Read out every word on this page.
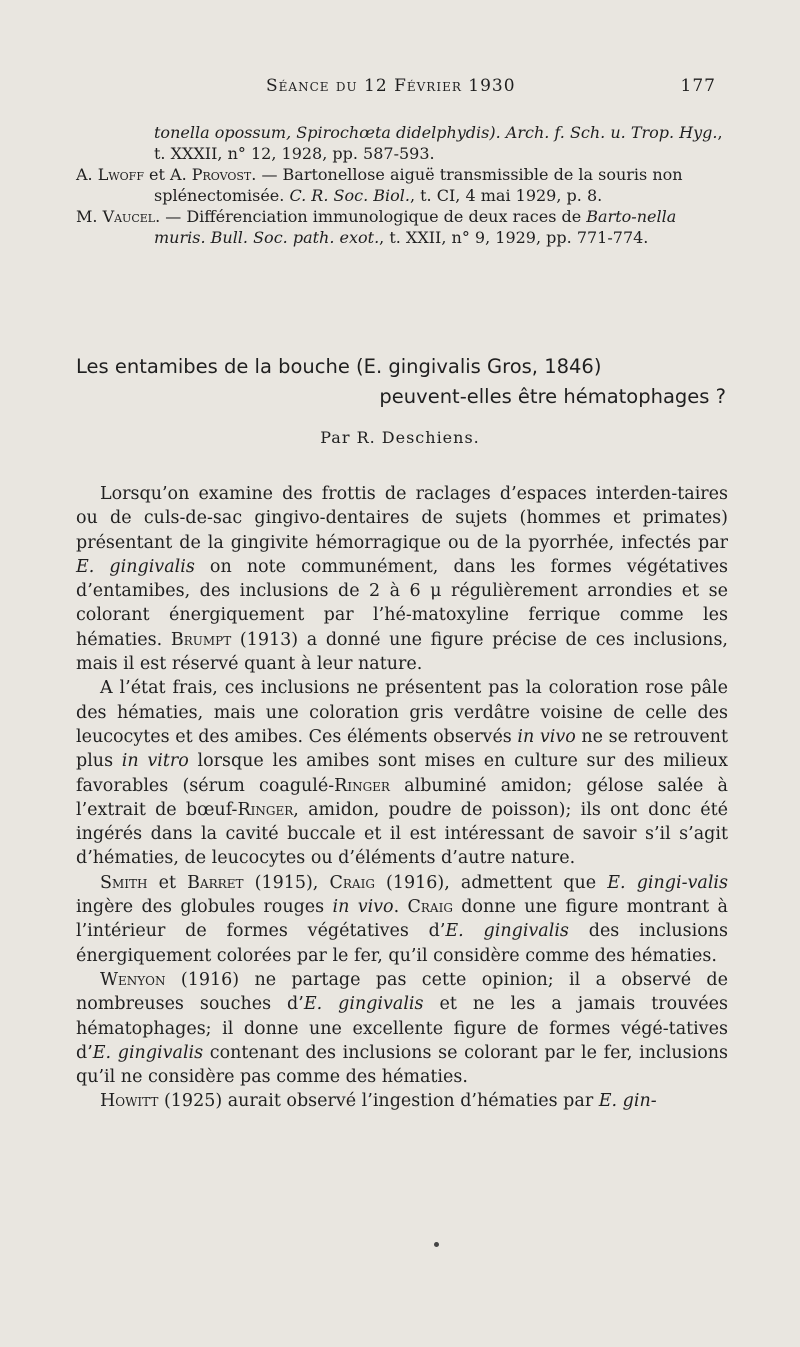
Séance du 12 Février 1930	177

tonella opossum, Spirochœta didelphydis). Arch. f. Sch. u. Trop. Hyg., t. XXXII, n° 12, 1928, pp. 587-593.

A. Lwoff et A. Provost. — Bartonellose aiguë transmissible de la souris non splénectomisée. C. R. Soc. Biol., t. CI, 4 mai 1929, p. 8.

M. Vaucel. — Différenciation immunologique de deux races de Barto-nella muris. Bull. Soc. path. exot., t. XXII, n° 9, 1929, pp. 771-774.

Les entamibes de la bouche (E. gingivalis Gros, 1846)
peuvent-elles être hématophages ?
Par R. Deschiens.

Lorsqu’on examine des frottis de raclages d’espaces interden-taires ou de culs-de-sac gingivo-dentaires de sujets (hommes et primates) présentant de la gingivite hémorragique ou de la pyorrhée, infectés par E. gingivalis on note communément, dans les formes végétatives d’entamibes, des inclusions de 2 à 6 μ régulièrement arrondies et se colorant énergiquement par l’hé-matoxyline ferrique comme les hématies. Brumpt (1913) a donné une figure précise de ces inclusions, mais il est réservé quant à leur nature.

A l’état frais, ces inclusions ne présentent pas la coloration rose pâle des hématies, mais une coloration gris verdâtre voisine de celle des leucocytes et des amibes. Ces éléments observés in vivo ne se retrouvent plus in vitro lorsque les amibes sont mises en culture sur des milieux favorables (sérum coagulé-Ringer albuminé amidon; gélose salée à l’extrait de bœuf-Ringer, amidon, poudre de poisson); ils ont donc été ingérés dans la cavité buccale et il est intéressant de savoir s’il s’agit d’hématies, de leucocytes ou d’éléments d’autre nature.

Smith et Barret (1915), Craig (1916), admettent que E. gingi-valis ingère des globules rouges in vivo. Craig donne une figure montrant à l’intérieur de formes végétatives d’E. gingivalis des inclusions énergiquement colorées par le fer, qu’il considère comme des hématies.

Wenyon (1916) ne partage pas cette opinion; il a observé de nombreuses souches d’E. gingivalis et ne les a jamais trouvées hématophages; il donne une excellente figure de formes végé-tatives d’E. gingivalis contenant des inclusions se colorant par le fer, inclusions qu’il ne considère pas comme des hématies.

Howitt (1925) aurait observé l’ingestion d’hématies par E. gin-
